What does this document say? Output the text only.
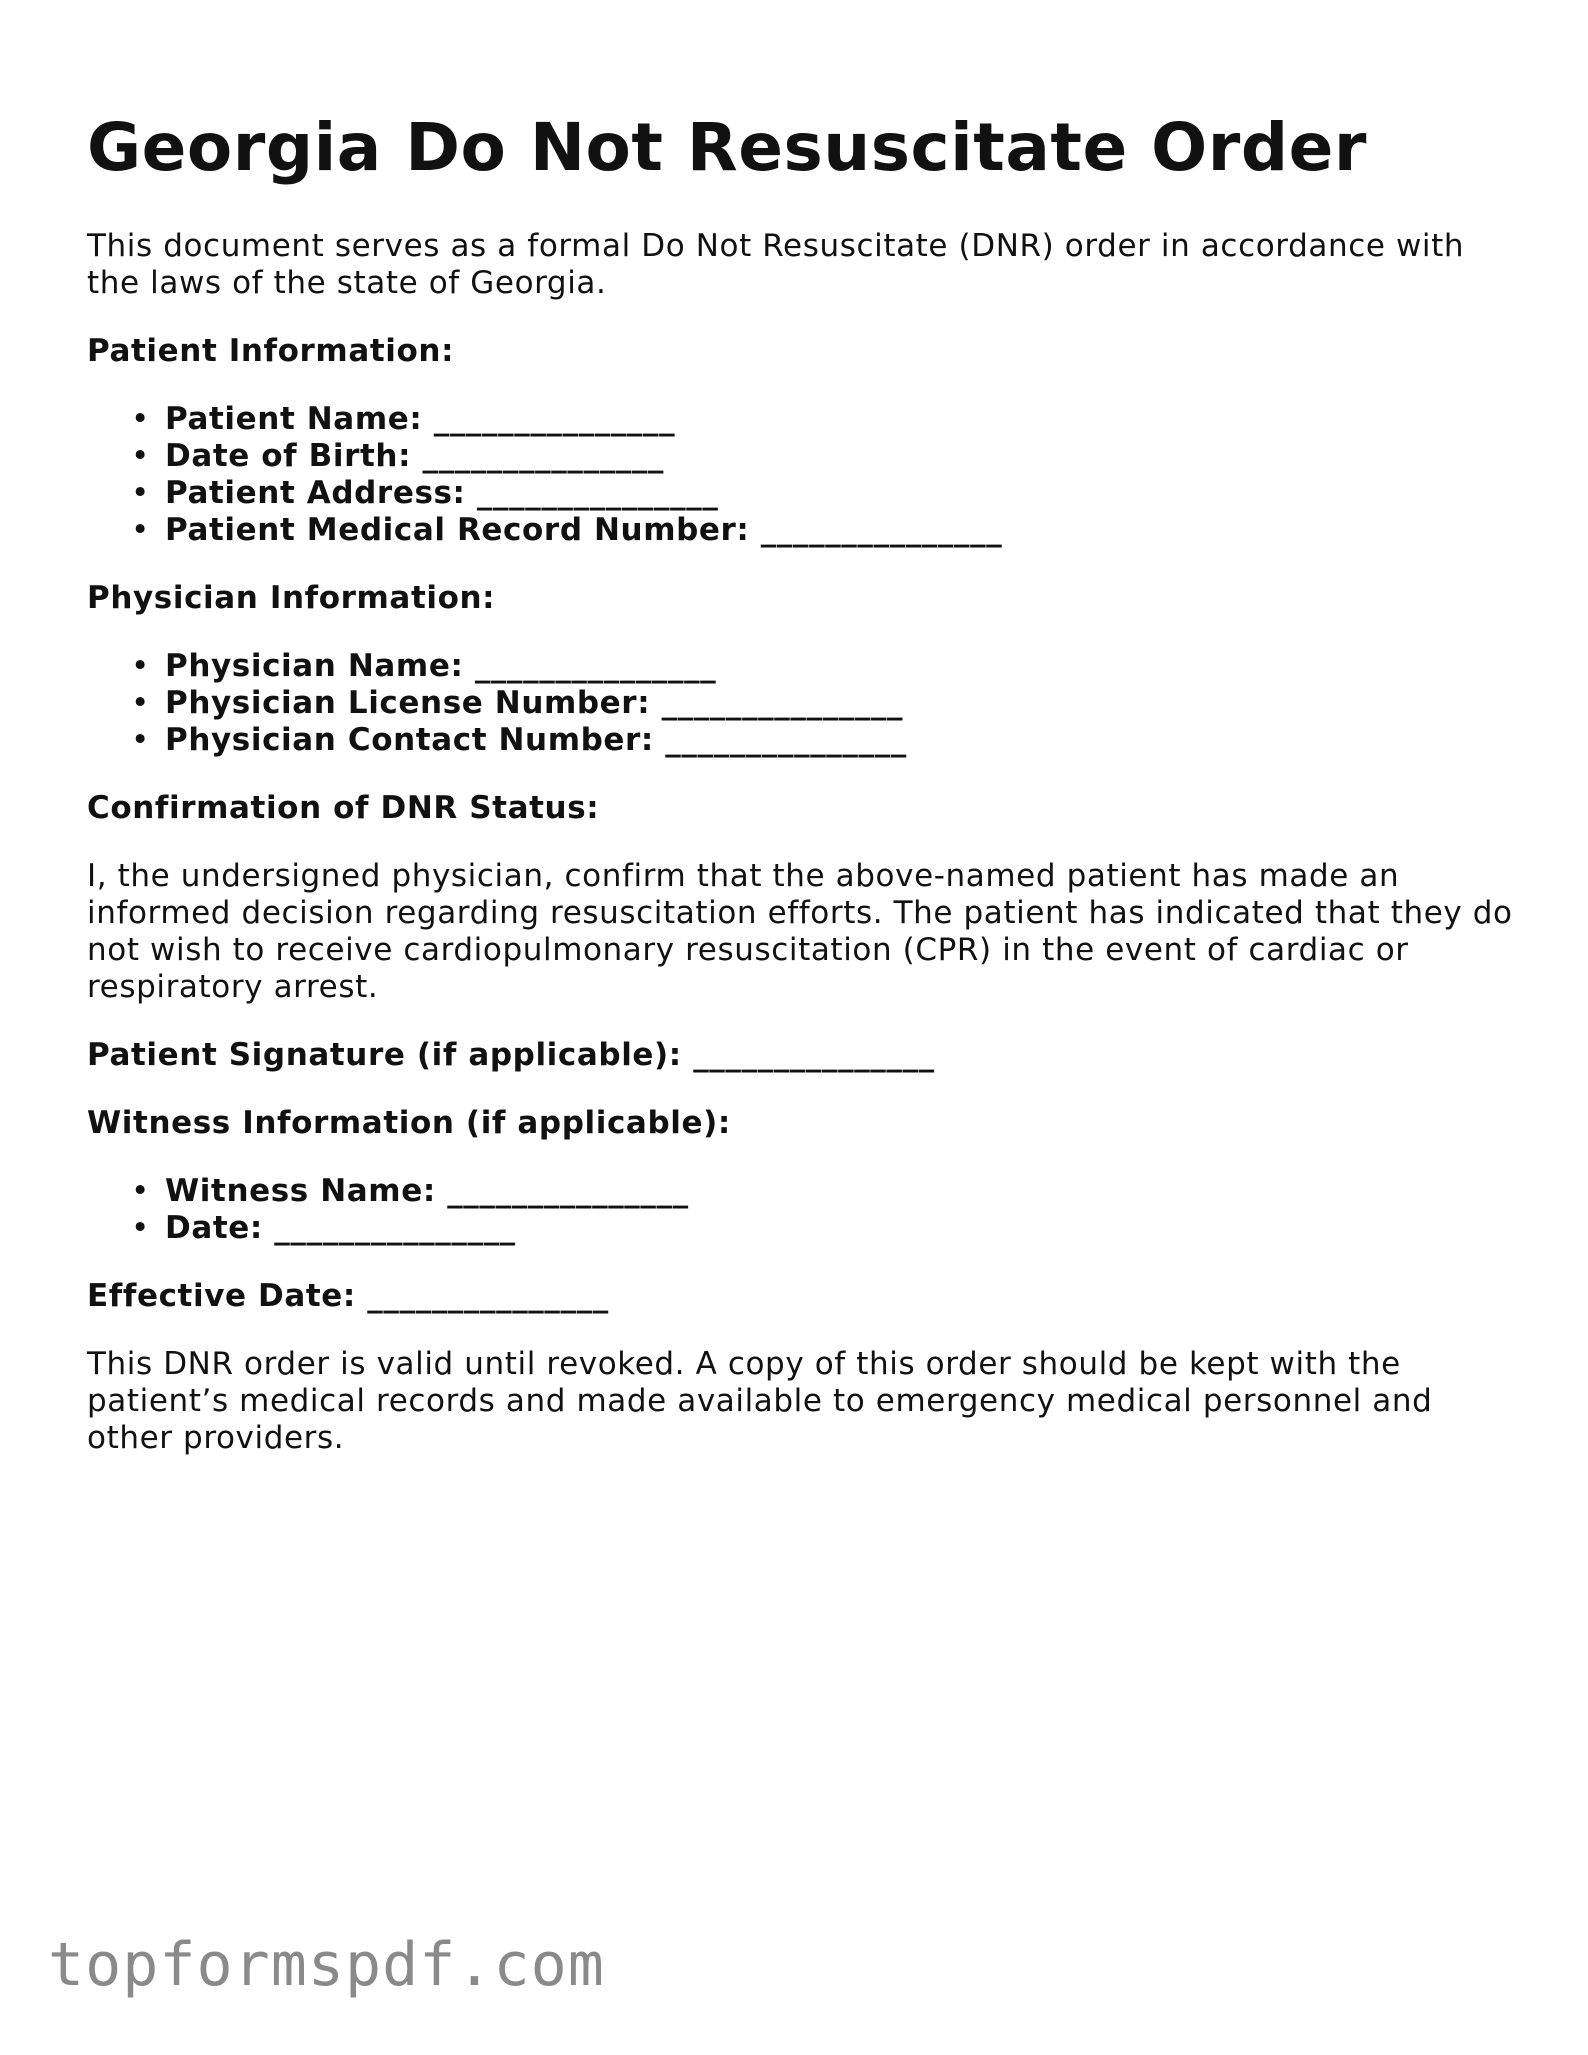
Georgia Do Not Resuscitate Order

This document serves as a formal Do Not Resuscitate (DNR) order in accordance with the laws of the state of Georgia.

Patient Information:
• Patient Name: _______________
• Date of Birth: _______________
• Patient Address: _______________
• Patient Medical Record Number: _______________
Physician Information:
• Physician Name: _______________
• Physician License Number: _______________
• Physician Contact Number: _______________
Confirmation of DNR Status:

I, the undersigned physician, confirm that the above-named patient has made an informed decision regarding resuscitation efforts. The patient has indicated that they do not wish to receive cardiopulmonary resuscitation (CPR) in the event of cardiac or respiratory arrest.

Patient Signature (if applicable): _______________
Witness Information (if applicable):
• Witness Name: _______________
• Date: _______________
Effective Date: _______________

This DNR order is valid until revoked. A copy of this order should be kept with the patient’s medical records and made available to emergency medical personnel and other providers.

topformspdf.com
